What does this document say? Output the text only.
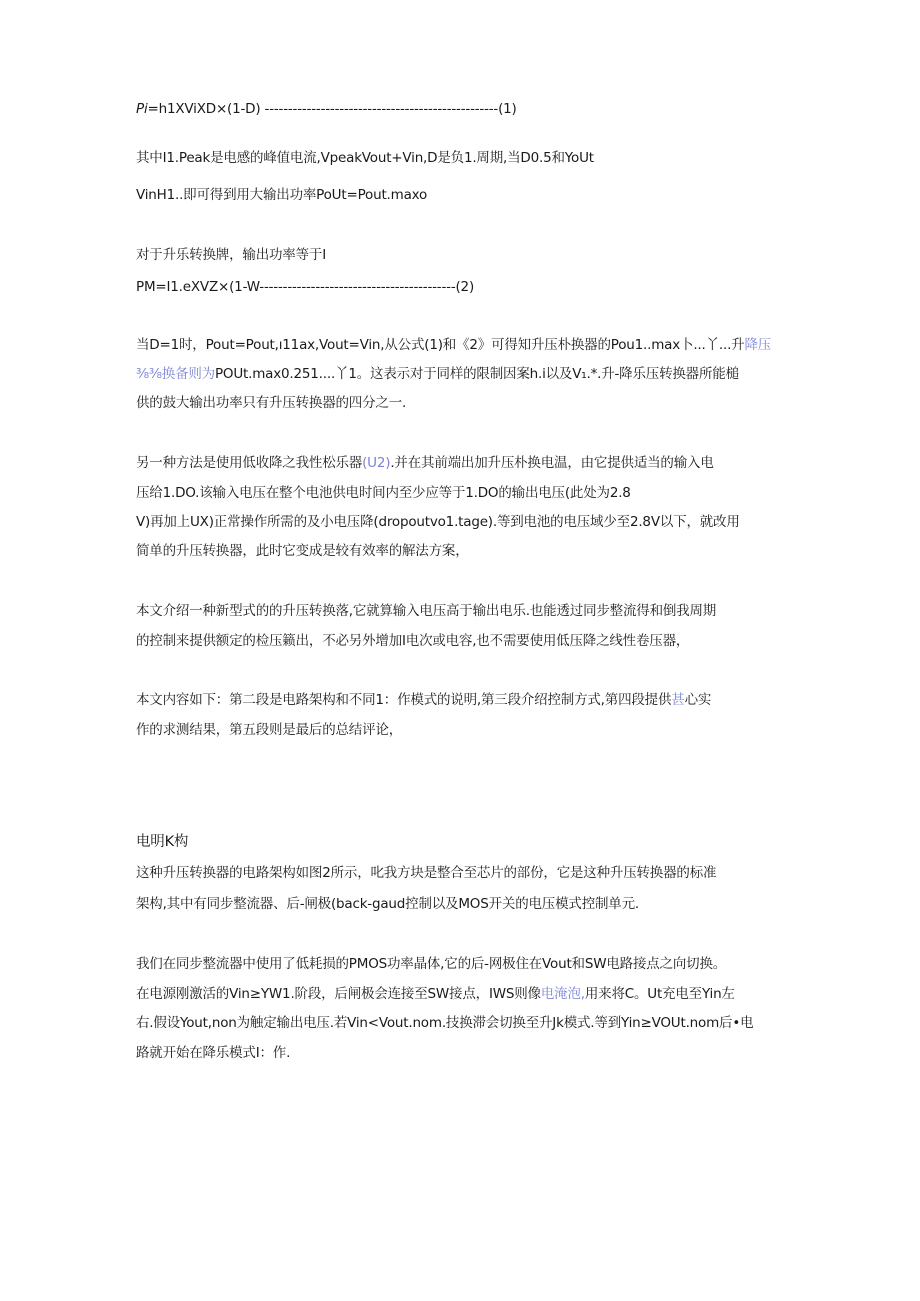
Pi=h1XViXD×(1-D) --------------------------------------------------(1)
其中I1.Peak是电感的峰值电流,VpeakVout+Vin,D是负1.周期,当D0.5和YoUt
VinH1..即可得到用大输出功率PoUt=Pout.maxo
对于升乐转换牌，输出功率等于I
PM=I1.eXVZ×(1-W------------------------------------------(2)
当D=1时，Pout=Pout,ı11ax,Vout=Vin,从公式(1)和《2》可得知升压朴换器的Pou1..max卜...丫...升降压
⅜⅜换备则为POUt.max0.251....丫1。这表示对于同样的限制因案h.i以及V₁.*.升-降乐压转换器所能槌
供的鼓大输出功率只有升压转换器的四分之一.
另一种方法是使用低收降之我性松乐器(U2).并在其前端出加升压朴换电温，由它提供适当的输入电
压给1.DO.该输入电压在整个电池供电时间内至少应等于1.DO的输出电压(此处为2.8
V)再加上UX)正常操作所需的及小电压降(dropoutvo1.tage).等到电池的电压域少至2.8V以下，就改用
简单的升压转换器，此时它变成是较有效率的解法方案，
本文介绍一种新型式的的升压转换落,它就算输入电压高于输出电乐.也能透过同步整流得和倒我周期
的控制来提供额定的检压籁出，不必另外增加I电次或电容,也不需要使用低压降之线性卷压器，
本文内容如下：第二段是电路架构和不同1：作模式的说明,第三段介绍控制方式,第四段提供甚心实
作的求测结果，第五段则是最后的总结评论，
电明K构
这种升压转换器的电路架构如图2所示，叱我方块是整合至芯片的部份，它是这种升压转换器的标准
架构,其中有同步整流器、后-闸极(back-gaud控制以及MOS开关的电压模式控制单元.
我们在同步整流器中使用了低耗损的PMOS功率晶体,它的后-网极住在Vout和SW电路接点之向切换。
在电源刚激活的Vin≥YW1.阶段，后闸极会连接至SW接点，IWS则像电淹泡,用来将C。Ut充电至Yin左
右.假设Yout,non为触定输出电压.若Vin<Vout.nom.技换滞会切换至升Jk模式.等到Yin≥VOUt.nom后•电
路就开始在降乐模式I：作.
